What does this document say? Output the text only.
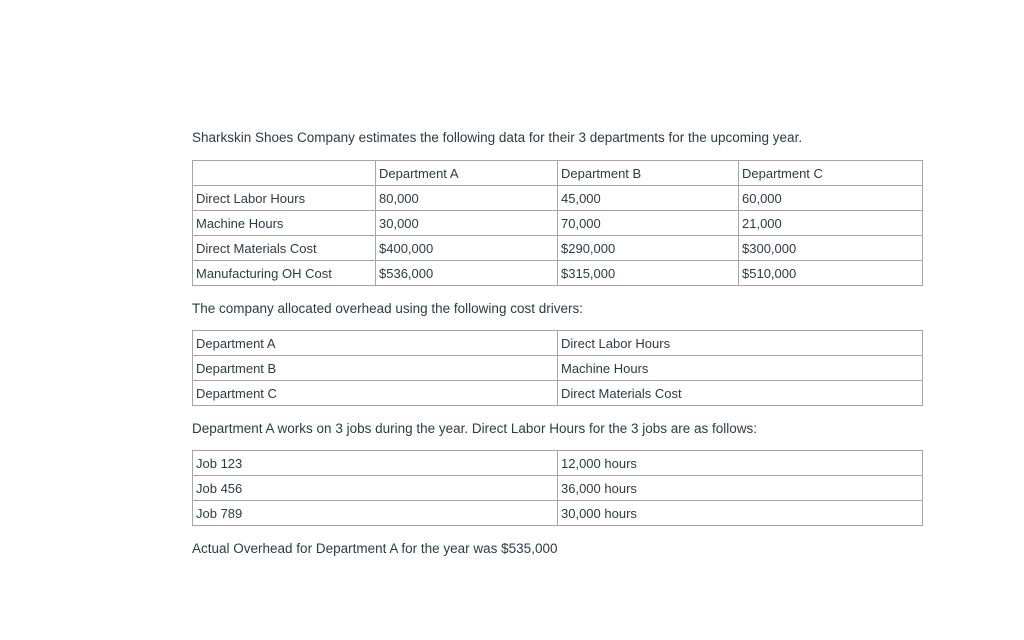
Sharkskin Shoes Company estimates the following data for their 3 departments for the upcoming year.
	Department A	Department B	Department C
Direct Labor Hours	80,000	45,000	60,000
Machine Hours	30,000	70,000	21,000
Direct Materials Cost	$400,000	$290,000	$300,000
Manufacturing OH Cost	$536,000	$315,000	$510,000
The company allocated overhead using the following cost drivers:
Department A	Direct Labor Hours
Department B	Machine Hours
Department C	Direct Materials Cost
Department A works on 3 jobs during the year. Direct Labor Hours for the 3 jobs are as follows:
Job 123	12,000 hours
Job 456	36,000 hours
Job 789	30,000 hours
Actual Overhead for Department A for the year was $535,000
